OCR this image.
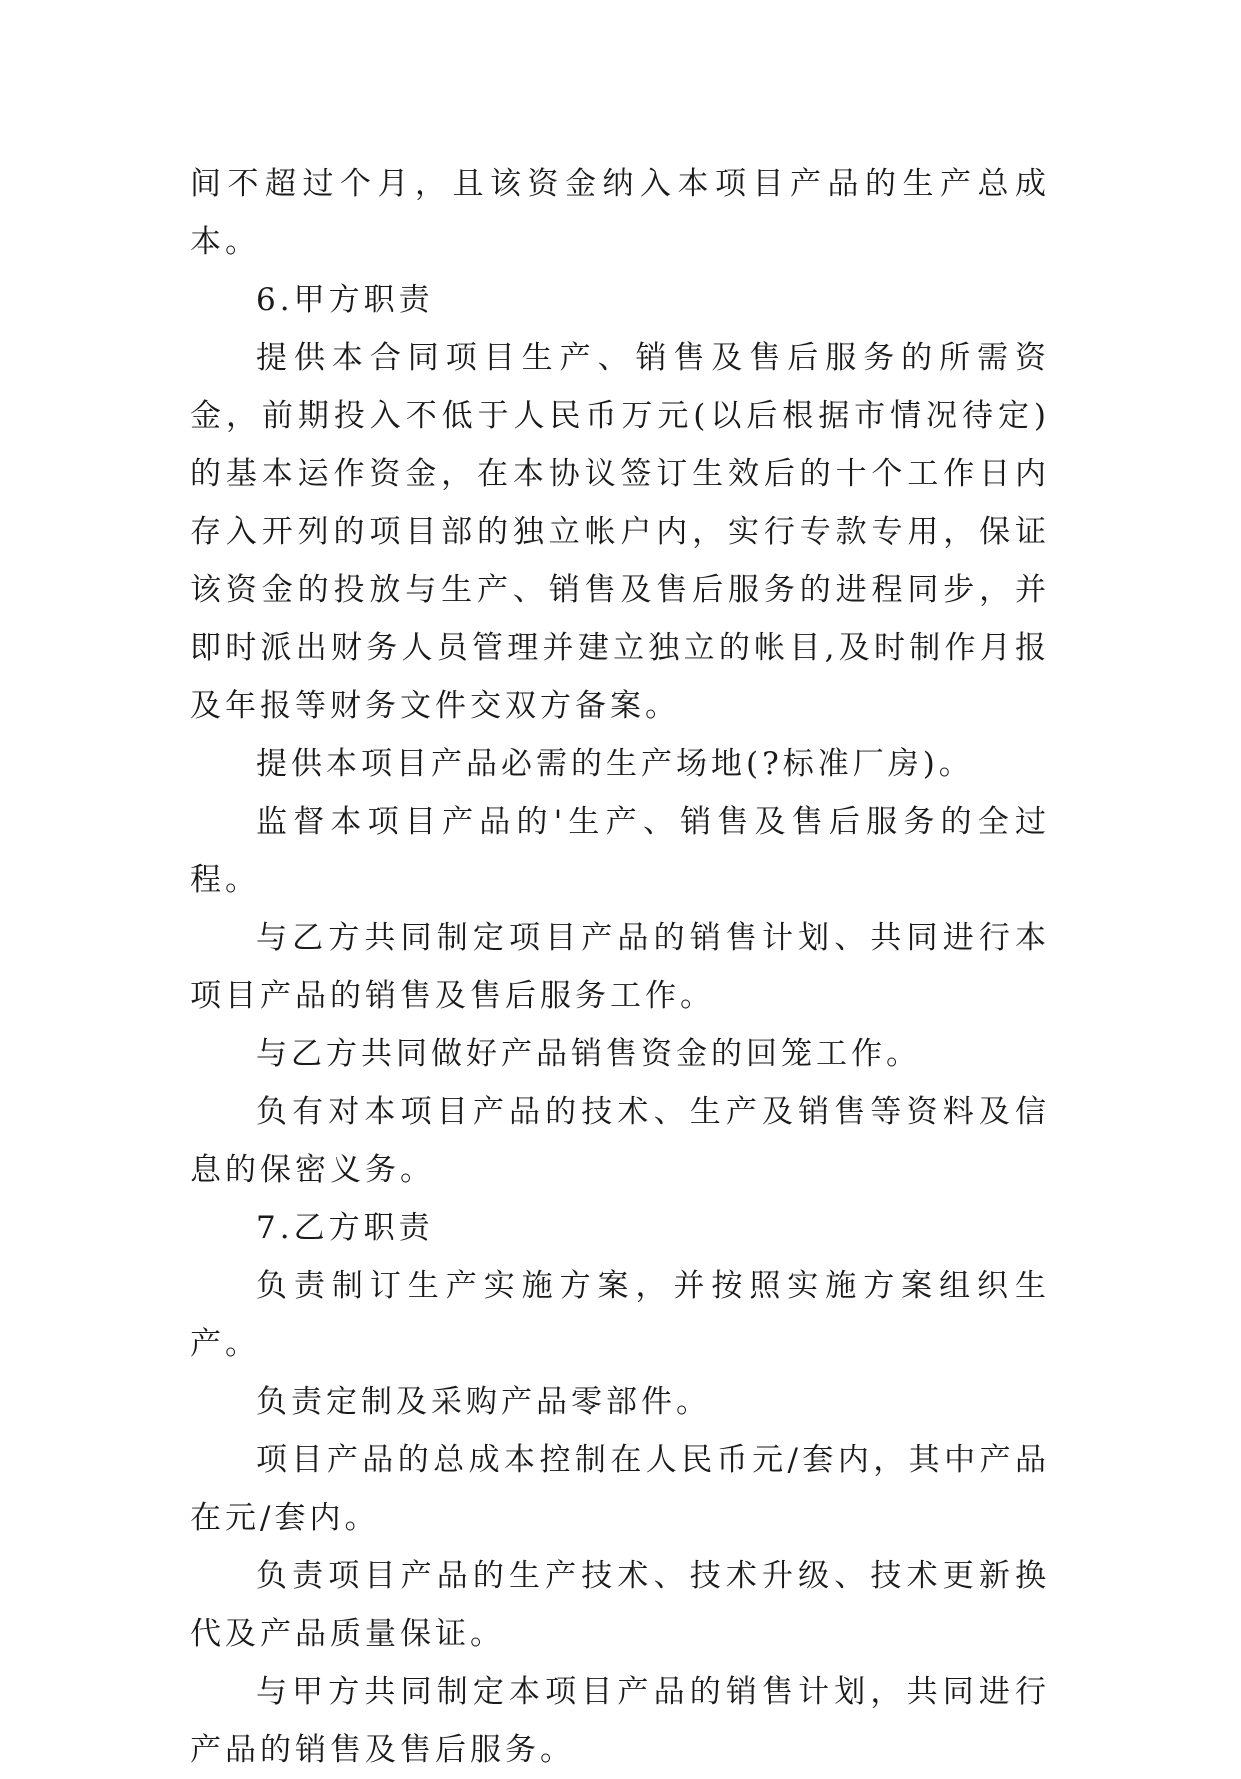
间不超过个月，且该资金纳入本项目产品的生产总成本。

6.甲方职责

提供本合同项目生产、销售及售后服务的所需资金，前期投入不低于人民币万元(以后根据市情况待定)的基本运作资金，在本协议签订生效后的十个工作日内存入开列的项目部的独立帐户内，实行专款专用，保证该资金的投放与生产、销售及售后服务的进程同步，并即时派出财务人员管理并建立独立的帐目,及时制作月报及年报等财务文件交双方备案。

提供本项目产品必需的生产场地(?标准厂房)。

监督本项目产品的'生产、销售及售后服务的全过程。

与乙方共同制定项目产品的销售计划、共同进行本项目产品的销售及售后服务工作。

与乙方共同做好产品销售资金的回笼工作。

负有对本项目产品的技术、生产及销售等资料及信息的保密义务。

7.乙方职责

负责制订生产实施方案，并按照实施方案组织生产。

负责定制及采购产品零部件。

项目产品的总成本控制在人民币元/套内，其中产品在元/套内。

负责项目产品的生产技术、技术升级、技术更新换代及产品质量保证。

与甲方共同制定本项目产品的销售计划，共同进行产品的销售及售后服务。
